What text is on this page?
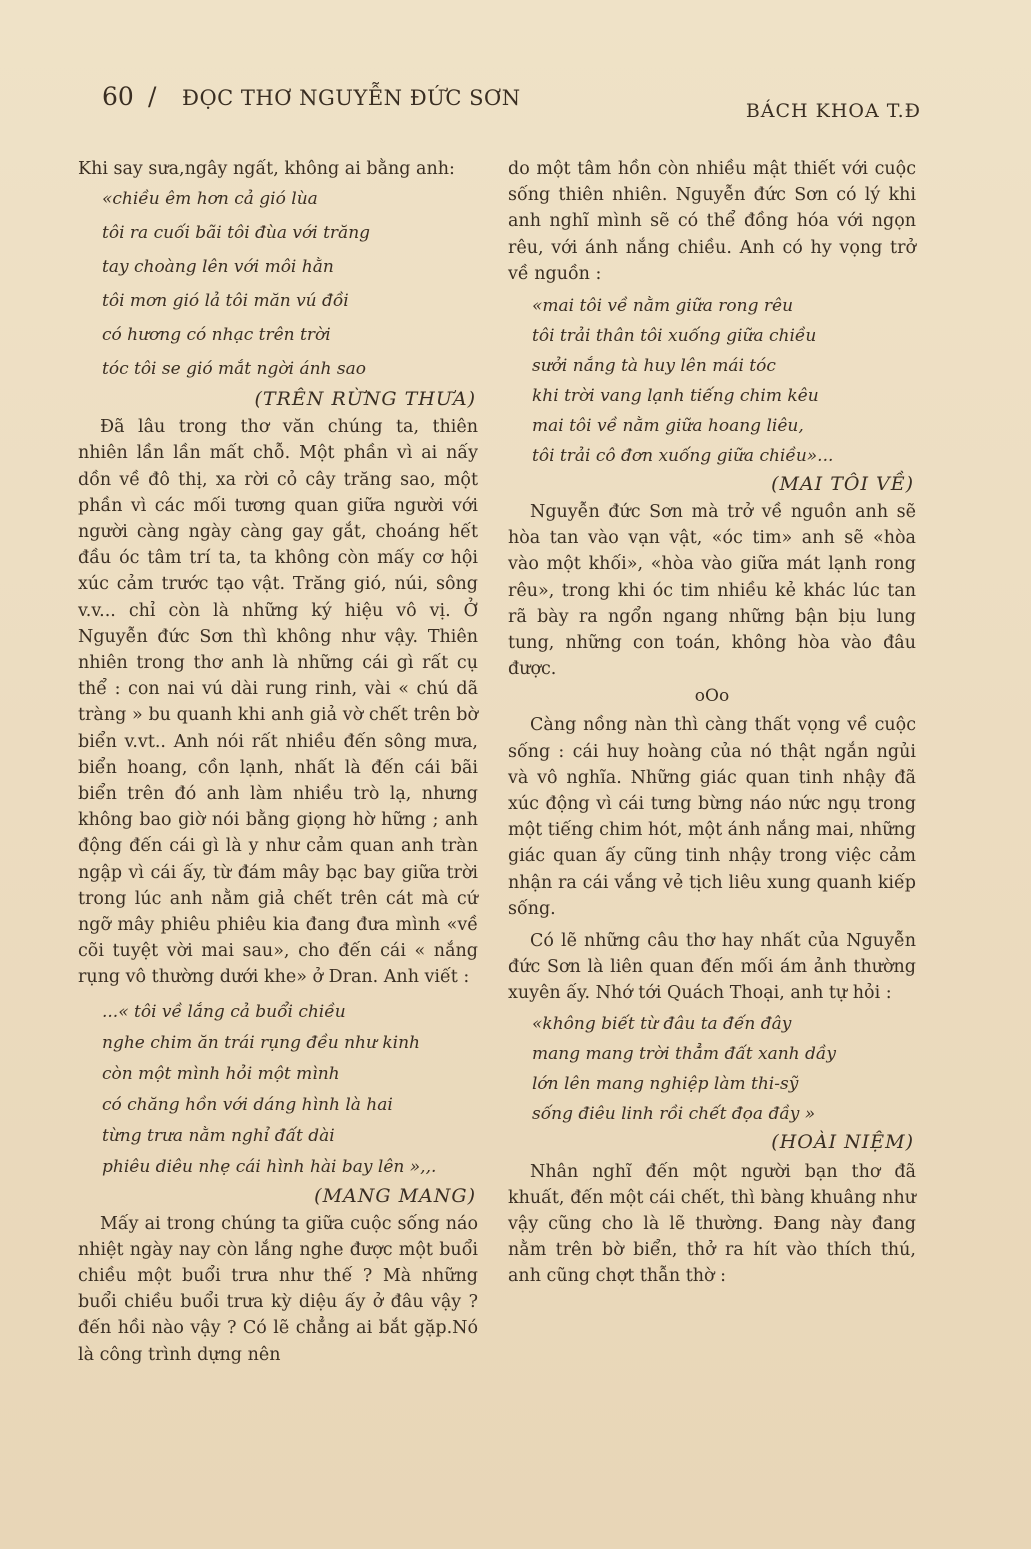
60 / ĐỌC THƠ NGUYỄN ĐỨC SƠN
BÁCH KHOA T.Đ

Khi say sưa,ngây ngất, không ai bằng anh:

«chiều êm hơn cả gió lùa
tôi ra cuối bãi tôi đùa với trăng
tay choàng lên với môi hằn
tôi mơn gió lả tôi măn vú đồi
có hương có nhạc trên trời
tóc tôi se gió mắt ngời ánh sao
(TRÊN RỪNG THƯA)

Đã lâu trong thơ văn chúng ta, thiên nhiên lần lần mất chỗ. Một phần vì ai nấy dồn về đô thị, xa rời cỏ cây trăng sao, một phần vì các mối tương quan giữa người với người càng ngày càng gay gắt, choáng hết đầu óc tâm trí ta, ta không còn mấy cơ hội xúc cảm trước tạo vật. Trăng gió, núi, sông v.v... chỉ còn là những ký hiệu vô vị. Ở Nguyễn đức Sơn thì không như vậy. Thiên nhiên trong thơ anh là những cái gì rất cụ thể : con nai vú dài rung rinh, vài « chú dã tràng » bu quanh khi anh giả vờ chết trên bờ biển v.vt.. Anh nói rất nhiều đến sông mưa, biển hoang, cồn lạnh, nhất là đến cái bãi biển trên đó anh làm nhiều trò lạ, nhưng không bao giờ nói bằng giọng hờ hững ; anh động đến cái gì là y như cảm quan anh tràn ngập vì cái ấy, từ đám mây bạc bay giữa trời trong lúc anh nằm giả chết trên cát mà cứ ngỡ mây phiêu phiêu kia đang đưa mình «về cõi tuyệt vời mai sau», cho đến cái « nắng rụng vô thường dưới khe» ở Dran. Anh viết :

...« tôi về lắng cả buổi chiều
nghe chim ăn trái rụng đều như kinh
còn một mình hỏi một mình
có chăng hồn với dáng hình là hai
từng trưa nằm nghỉ đất dài
phiêu diêu nhẹ cái hình hài bay lên »,,.
(MANG MANG)

Mấy ai trong chúng ta giữa cuộc sống náo nhiệt ngày nay còn lắng nghe được một buổi chiều một buổi trưa như thế ? Mà những buổi chiều buổi trưa kỳ diệu ấy ở đâu vậy ? đến hồi nào vậy ? Có lẽ chẳng ai bắt gặp.Nó là công trình dựng nên

do một tâm hồn còn nhiều mật thiết với cuộc sống thiên nhiên. Nguyễn đức Sơn có lý khi anh nghĩ mình sẽ có thể đồng hóa với ngọn rêu, với ánh nắng chiều. Anh có hy vọng trở về nguồn :

«mai tôi về nằm giữa rong rêu
tôi trải thân tôi xuống giữa chiều
sưởi nắng tà huy lên mái tóc
khi trời vang lạnh tiếng chim kêu
mai tôi về nằm giữa hoang liêu,
tôi trải cô đơn xuống giữa chiều»...
(MAI TÔI VỀ)

Nguyễn đức Sơn mà trở về nguồn anh sẽ hòa tan vào vạn vật, «óc tim» anh sẽ «hòa vào một khối», «hòa vào giữa mát lạnh rong rêu», trong khi óc tim nhiều kẻ khác lúc tan rã bày ra ngổn ngang những bận bịu lung tung, những con toán, không hòa vào đâu được.

oOo

Càng nồng nàn thì càng thất vọng về cuộc sống : cái huy hoàng của nó thật ngắn ngủi và vô nghĩa. Những giác quan tinh nhậy đã xúc động vì cái tưng bừng náo nức ngụ trong một tiếng chim hót, một ánh nắng mai, những giác quan ấy cũng tinh nhậy trong việc cảm nhận ra cái vắng vẻ tịch liêu xung quanh kiếp sống.

Có lẽ những câu thơ hay nhất của Nguyễn đức Sơn là liên quan đến mối ám ảnh thường xuyên ấy. Nhớ tới Quách Thoại, anh tự hỏi :

«không biết từ đâu ta đến đây
mang mang trời thẳm đất xanh dầy
lớn lên mang nghiệp làm thi-sỹ
sống điêu linh rồi chết đọa đầy »
(HOÀI NIỆM)

Nhân nghĩ đến một người bạn thơ đã khuất, đến một cái chết, thì bàng khuâng như vậy cũng cho là lẽ thường. Đang này đang nằm trên bờ biển, thở ra hít vào thích thú, anh cũng chợt thẫn thờ :
